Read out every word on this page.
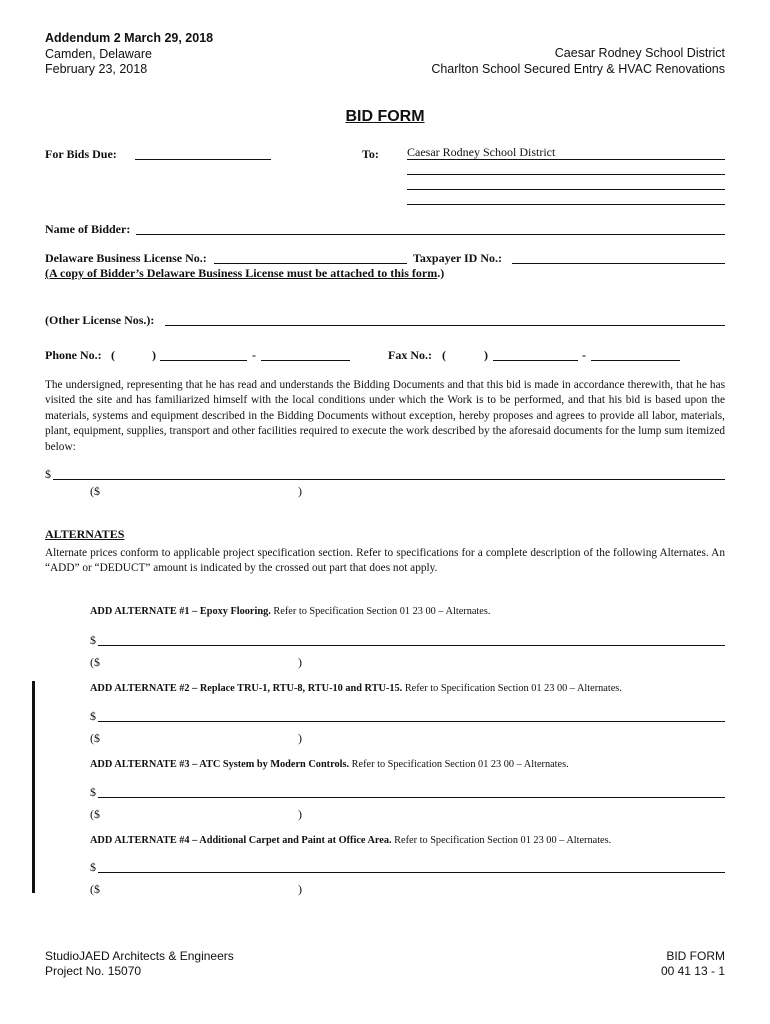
Addendum 2 March 29, 2018
Camden, Delaware
February 23, 2018
Caesar Rodney School District
Charlton School Secured Entry & HVAC Renovations
BID FORM
For Bids Due:	To: Caesar Rodney School District
Name of Bidder:
Delaware Business License No.:	Taxpayer ID No.:
(A copy of Bidder’s Delaware Business License must be attached to this form.)
(Other License Nos.):
Phone No.: (	)	-	Fax No.: (	)	-
The undersigned, representing that he has read and understands the Bidding Documents and that this bid is made in accordance therewith, that he has visited the site and has familiarized himself with the local conditions under which the Work is to be performed, and that his bid is based upon the materials, systems and equipment described in the Bidding Documents without exception, hereby proposes and agrees to provide all labor, materials, plant, equipment, supplies, transport and other facilities required to execute the work described by the aforesaid documents for the lump sum itemized below:
$
($	)
ALTERNATES
Alternate prices conform to applicable project specification section. Refer to specifications for a complete description of the following Alternates. An “ADD” or “DEDUCT” amount is indicated by the crossed out part that does not apply.
ADD ALTERNATE #1 – Epoxy Flooring. Refer to Specification Section 01 23 00 – Alternates.
$
($	)
ADD ALTERNATE #2 – Replace TRU-1, RTU-8, RTU-10 and RTU-15. Refer to Specification Section 01 23 00 – Alternates.
$
($	)
ADD ALTERNATE #3 – ATC System by Modern Controls. Refer to Specification Section 01 23 00 – Alternates.
$
($	)
ADD ALTERNATE #4 – Additional Carpet and Paint at Office Area. Refer to Specification Section 01 23 00 – Alternates.
$
($	)
StudioJAED Architects & Engineers
Project No. 15070
BID FORM
00 41 13 - 1
